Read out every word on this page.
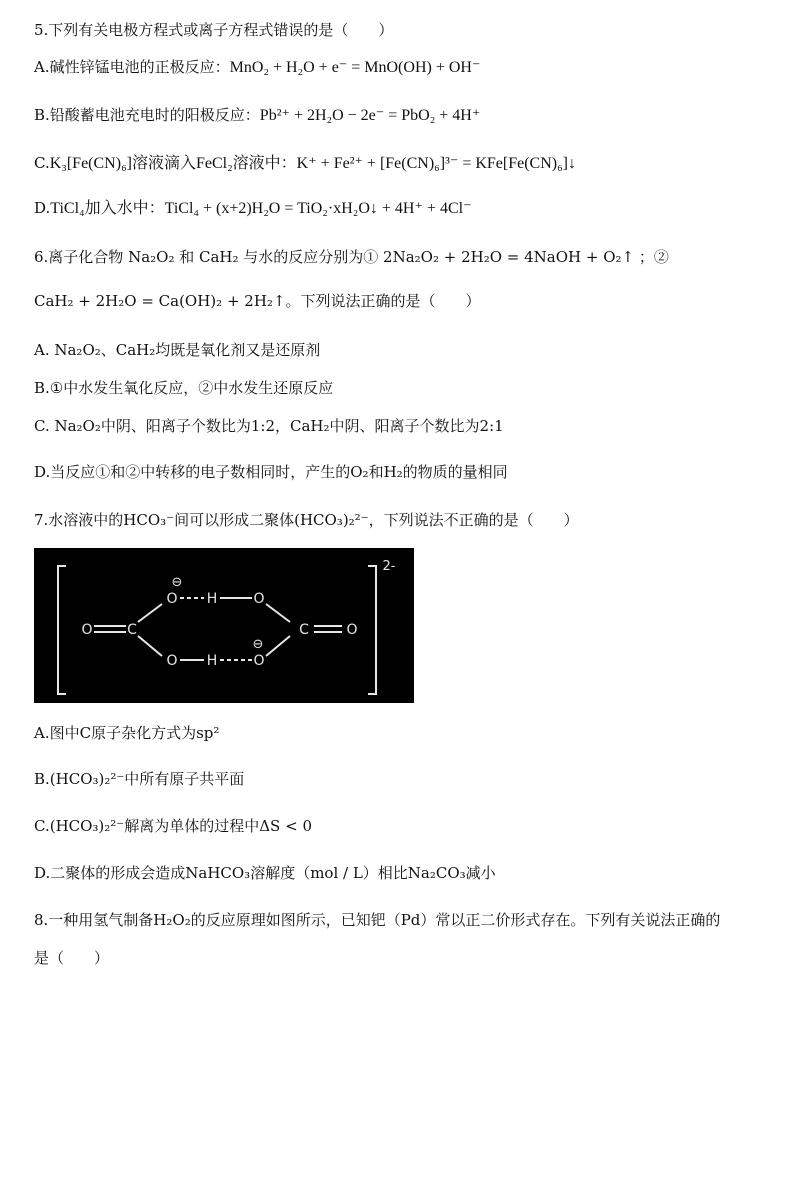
5.下列有关电极方程式或离子方程式错误的是（　　）
A.碱性锌锰电池的正极反应：MnO₂ + H₂O + e⁻ = MnO(OH) + OH⁻
B.铅酸蓄电池充电时的阳极反应：Pb²⁺ + 2H₂O − 2e⁻ = PbO₂ + 4H⁺
C.K₃[Fe(CN)₆]溶液滴入FeCl₂溶液中：K⁺ + Fe²⁺ + [Fe(CN)₆]³⁻ = KFe[Fe(CN)₆]↓
D.TiCl₄加入水中：TiCl₄ + (x+2)H₂O = TiO₂·xH₂O↓ + 4H⁺ + 4Cl⁻
6.离子化合物 Na₂O₂ 和 CaH₂ 与水的反应分别为① 2Na₂O₂ + 2H₂O = 4NaOH + O₂↑ ；②
CaH₂ + 2H₂O = Ca(OH)₂ + 2H₂↑。下列说法正确的是（　　）
A. Na₂O₂、CaH₂均既是氧化剂又是还原剂
B.①中水发生氧化反应，②中水发生还原反应
C. Na₂O₂中阴、阳离子个数比为1:2，CaH₂中阴、阳离子个数比为2:1
D.当反应①和②中转移的电子数相同时，产生的O₂和H₂的物质的量相同
7.水溶液中的HCO₃⁻间可以形成二聚体(HCO₃)₂²⁻，下列说法不正确的是（　　）
O C
O H	O
O H	O
C	O
⊖
⊖
2-
A.图中C原子杂化方式为sp²
B.(HCO₃)₂²⁻中所有原子共平面
C.(HCO₃)₂²⁻解离为单体的过程中ΔS < 0
D.二聚体的形成会造成NaHCO₃溶解度（mol / L）相比Na₂CO₃减小
8.一种用氢气制备H₂O₂的反应原理如图所示，已知钯（Pd）常以正二价形式存在。下列有关说法正确的
是（　　）
